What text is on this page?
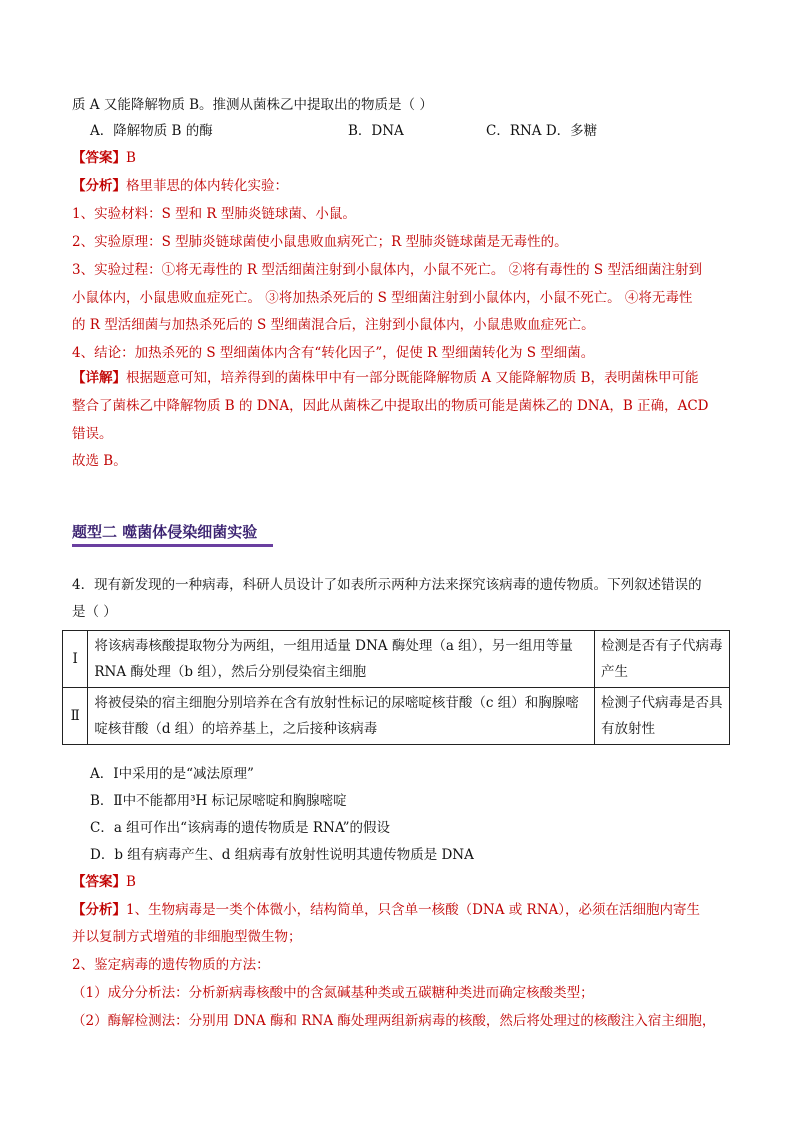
质 A 又能降解物质 B。推测从菌株乙中提取出的物质是（ ）
A．降解物质 B 的酶	B．DNA	C．RNA D．多糖
【答案】B
【分析】格里菲思的体内转化实验：
1、实验材料：S 型和 R 型肺炎链球菌、小鼠。
2、实验原理：S 型肺炎链球菌使小鼠患败血病死亡；R 型肺炎链球菌是无毒性的。
3、实验过程：①将无毒性的 R 型活细菌注射到小鼠体内，小鼠不死亡。 ②将有毒性的 S 型活细菌注射到
小鼠体内，小鼠患败血症死亡。 ③将加热杀死后的 S 型细菌注射到小鼠体内，小鼠不死亡。 ④将无毒性
的 R 型活细菌与加热杀死后的 S 型细菌混合后，注射到小鼠体内，小鼠患败血症死亡。
4、结论：加热杀死的 S 型细菌体内含有“转化因子”，促使 R 型细菌转化为 S 型细菌。
【详解】根据题意可知，培养得到的菌株甲中有一部分既能降解物质 A 又能降解物质 B，表明菌株甲可能
整合了菌株乙中降解物质 B 的 DNA，因此从菌株乙中提取出的物质可能是菌株乙的 DNA，B 正确，ACD
错误。
故选 B。
题型二 噬菌体侵染细菌实验
4．现有新发现的一种病毒，科研人员设计了如表所示两种方法来探究该病毒的遗传物质。下列叙述错误的
是（ ）
Ⅰ	将该病毒核酸提取物分为两组，一组用适量 DNA 酶处理（a 组），另一组用等量 RNA 酶处理（b 组），然后分别侵染宿主细胞	检测是否有子代病毒产生
Ⅱ	将被侵染的宿主细胞分别培养在含有放射性标记的尿嘧啶核苷酸（c 组）和胸腺嘧啶核苷酸（d 组）的培养基上，之后接种该病毒	检测子代病毒是否具有放射性
A．Ⅰ中采用的是“减法原理”
B．Ⅱ中不能都用³H 标记尿嘧啶和胸腺嘧啶
C．a 组可作出“该病毒的遗传物质是 RNA”的假设
D．b 组有病毒产生、d 组病毒有放射性说明其遗传物质是 DNA
【答案】B
【分析】1、生物病毒是一类个体微小，结构简单，只含单一核酸（DNA 或 RNA），必须在活细胞内寄生
并以复制方式增殖的非细胞型微生物；
2、鉴定病毒的遗传物质的方法：
（1）成分分析法：分析新病毒核酸中的含氮碱基种类或五碳糖种类进而确定核酸类型；
（2）酶解检测法：分别用 DNA 酶和 RNA 酶处理两组新病毒的核酸，然后将处理过的核酸注入宿主细胞，
